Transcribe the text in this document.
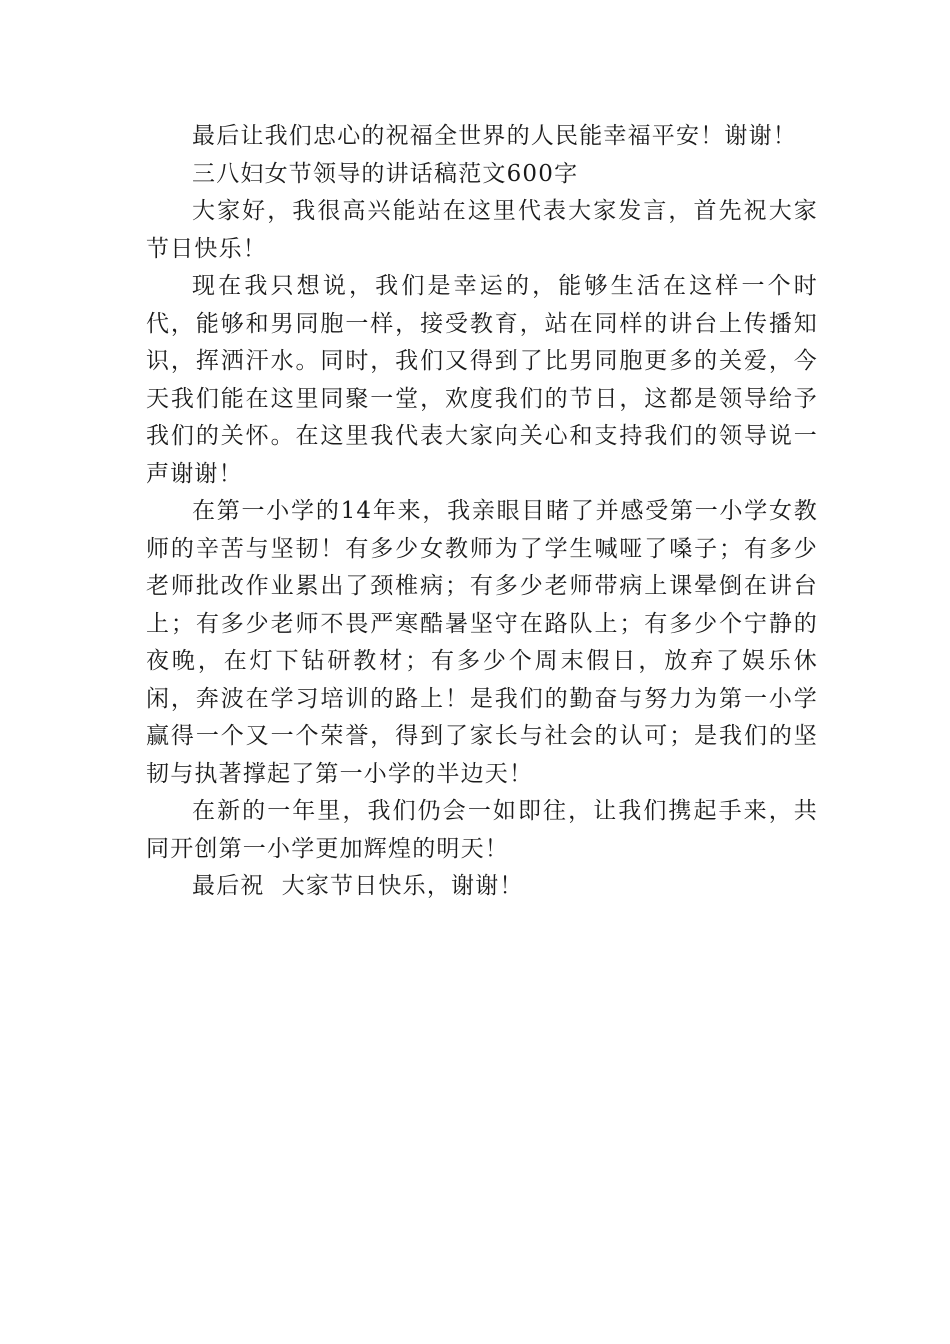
最后让我们忠心的祝福全世界的人民能幸福平安！谢谢！

三八妇女节领导的讲话稿范文600字

大家好，我很高兴能站在这里代表大家发言，首先祝大家节日快乐！

现在我只想说，我们是幸运的，能够生活在这样一个时代，能够和男同胞一样，接受教育，站在同样的讲台上传播知识，挥洒汗水。同时，我们又得到了比男同胞更多的关爱，今天我们能在这里同聚一堂，欢度我们的节日，这都是领导给予我们的关怀。在这里我代表大家向关心和支持我们的领导说一声谢谢！

在第一小学的14年来，我亲眼目睹了并感受第一小学女教师的辛苦与坚韧！有多少女教师为了学生喊哑了嗓子；有多少老师批改作业累出了颈椎病；有多少老师带病上课晕倒在讲台上；有多少老师不畏严寒酷暑坚守在路队上；有多少个宁静的夜晚，在灯下钻研教材；有多少个周末假日，放弃了娱乐休闲，奔波在学习培训的路上！是我们的勤奋与努力为第一小学赢得一个又一个荣誉，得到了家长与社会的认可；是我们的坚韧与执著撑起了第一小学的半边天！

在新的一年里，我们仍会一如即往，让我们携起手来，共同开创第一小学更加辉煌的明天！

最后祝  大家节日快乐，谢谢！
